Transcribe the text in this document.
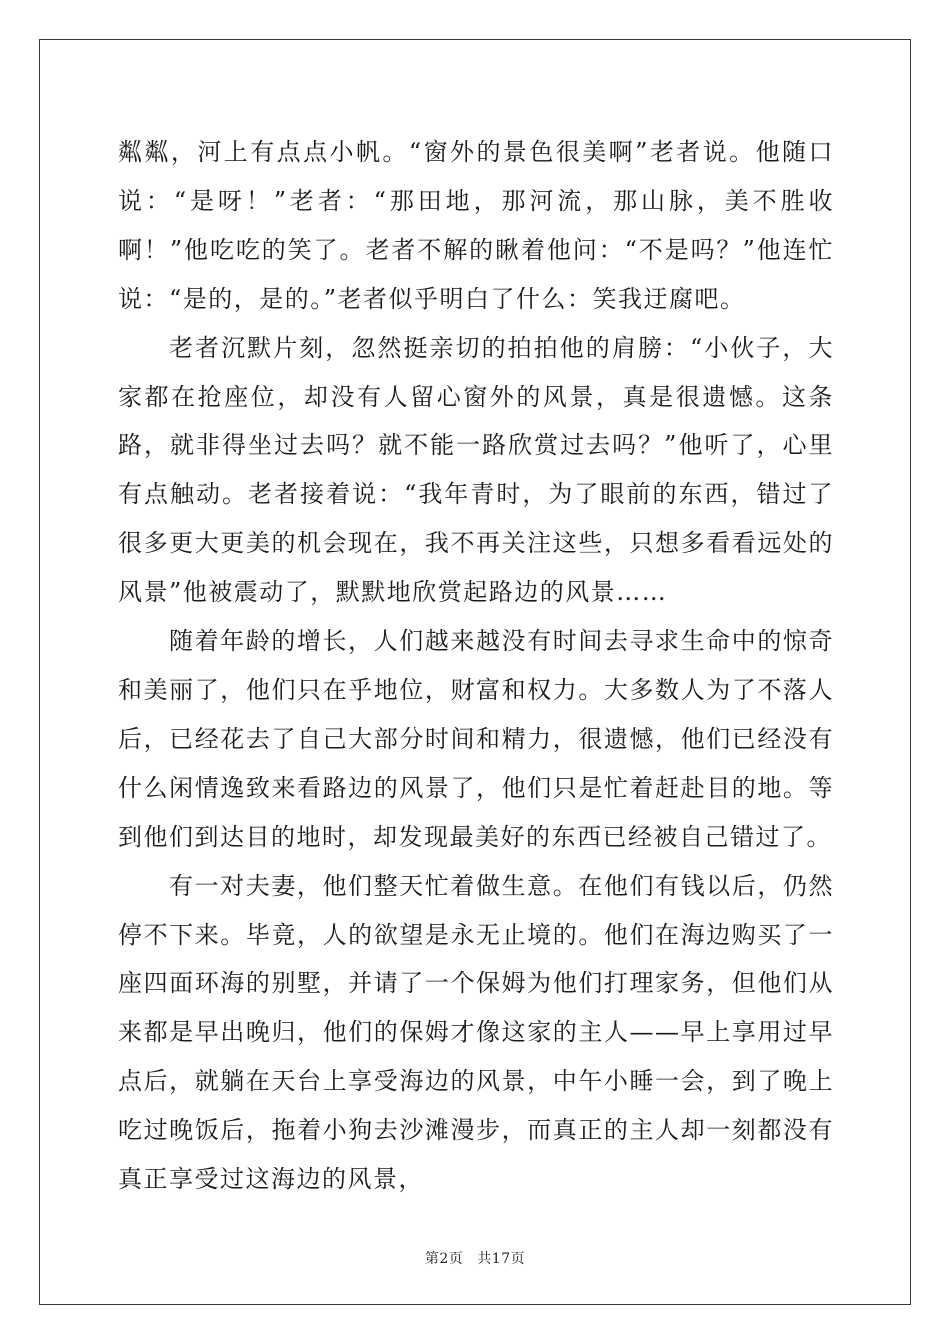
粼粼，河上有点点小帆。“窗外的景色很美啊”老者说。他随口说：“是呀！”老者：“那田地，那河流，那山脉，美不胜收啊！”他吃吃的笑了。老者不解的瞅着他问：“不是吗？”他连忙说：“是的，是的。”老者似乎明白了什么：笑我迂腐吧。

老者沉默片刻，忽然挺亲切的拍拍他的肩膀：“小伙子，大家都在抢座位，却没有人留心窗外的风景，真是很遗憾。这条路，就非得坐过去吗？就不能一路欣赏过去吗？”他听了，心里有点触动。老者接着说：“我年青时，为了眼前的东西，错过了很多更大更美的机会现在，我不再关注这些，只想多看看远处的风景”他被震动了，默默地欣赏起路边的风景……

随着年龄的增长，人们越来越没有时间去寻求生命中的惊奇和美丽了，他们只在乎地位，财富和权力。大多数人为了不落人后，已经花去了自己大部分时间和精力，很遗憾，他们已经没有什么闲情逸致来看路边的风景了，他们只是忙着赶赴目的地。等到他们到达目的地时，却发现最美好的东西已经被自己错过了。

有一对夫妻，他们整天忙着做生意。在他们有钱以后，仍然停不下来。毕竟，人的欲望是永无止境的。他们在海边购买了一座四面环海的别墅，并请了一个保姆为他们打理家务，但他们从来都是早出晚归，他们的保姆才像这家的主人——早上享用过早点后，就躺在天台上享受海边的风景，中午小睡一会，到了晚上吃过晚饭后，拖着小狗去沙滩漫步，而真正的主人却一刻都没有真正享受过这海边的风景，

第2页 共17页
